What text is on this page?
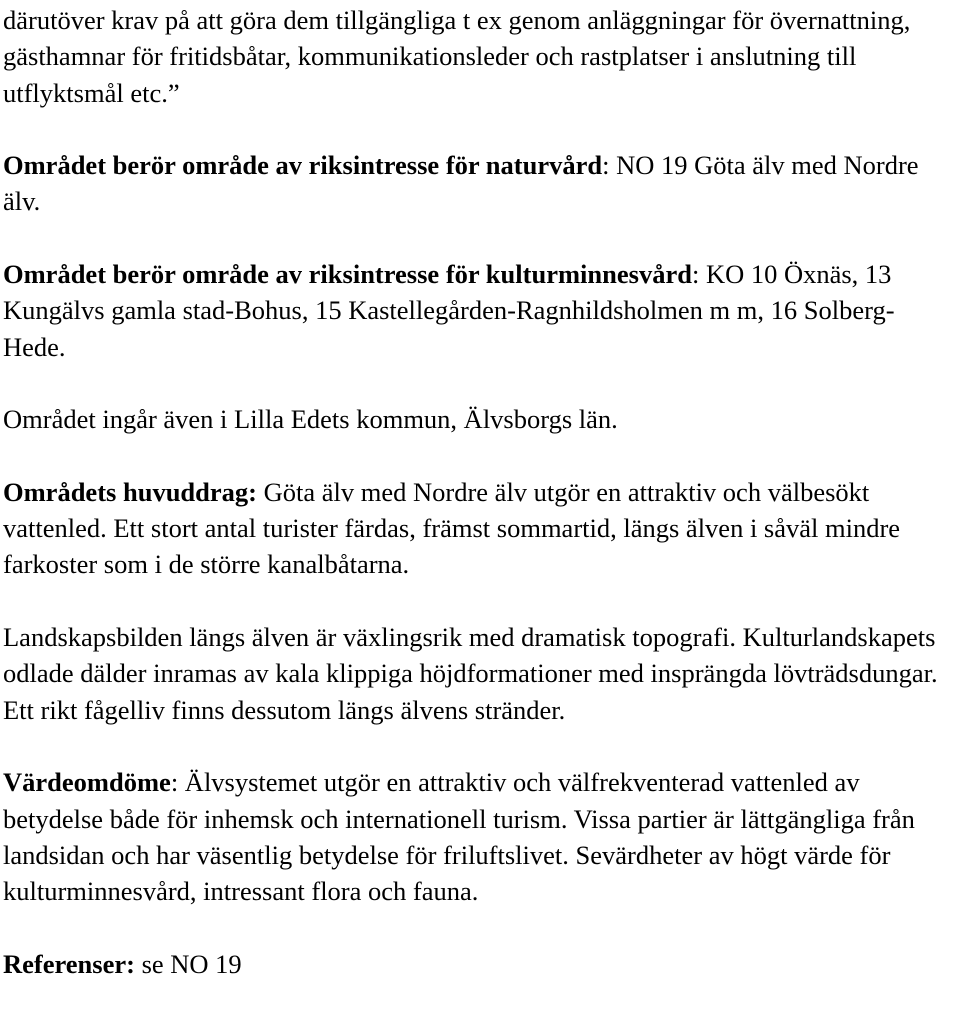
därutöver krav på att göra dem tillgängliga t ex genom anläggningar för övernattning, gästhamnar för fritidsbåtar, kommunikationsleder och rastplatser i anslutning till utflyktsmål etc.”

Området berör område av riksintresse för naturvård: NO 19 Göta älv med Nordre älv.

Området berör område av riksintresse för kulturminnesvård: KO 10 Öxnäs, 13 Kungälvs gamla stad-Bohus, 15 Kastellegården-Ragnhildsholmen m m, 16 Solberg-Hede.

Området ingår även i Lilla Edets kommun, Älvsborgs län.

Områdets huvuddrag: Göta älv med Nordre älv utgör en attraktiv och välbesökt vattenled. Ett stort antal turister färdas, främst sommartid, längs älven i såväl mindre farkoster som i de större kanalbåtarna.

Landskapsbilden längs älven är växlingsrik med dramatisk topografi. Kulturlandskapets odlade dälder inramas av kala klippiga höjdformationer med insprängda lövträdsdungar. Ett rikt fågelliv finns dessutom längs älvens stränder.

Värdeomdöme: Älvsystemet utgör en attraktiv och välfrekventerad vattenled av betydelse både för inhemsk och internationell turism. Vissa partier är lättgängliga från landsidan och har väsentlig betydelse för friluftslivet. Sevärdheter av högt värde för kulturminnesvård, intressant flora och fauna.

Referenser: se NO 19
